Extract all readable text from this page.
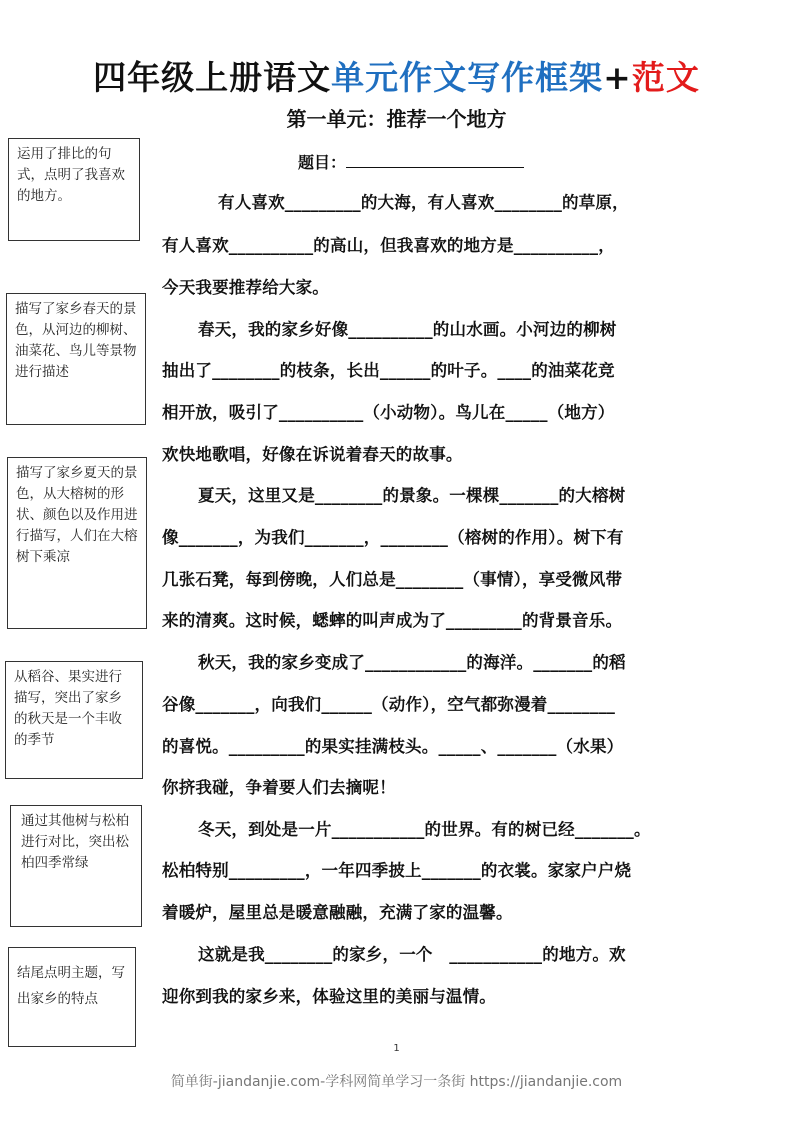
四年级上册语文单元作文写作框架+范文
第一单元：推荐一个地方
题目：
有人喜欢_________的大海，有人喜欢________的草原，
有人喜欢__________的高山，但我喜欢的地方是__________，
今天我要推荐给大家。
春天，我的家乡好像__________的山水画。小河边的柳树
抽出了________的枝条，长出______的叶子。____的油菜花竞
相开放，吸引了__________（小动物）。鸟儿在_____（地方）
欢快地歌唱，好像在诉说着春天的故事。
夏天，这里又是________的景象。一棵棵_______的大榕树
像_______，为我们_______，________（榕树的作用）。树下有
几张石凳，每到傍晚，人们总是________（事情），享受微风带
来的清爽。这时候，蟋蟀的叫声成为了_________的背景音乐。
秋天，我的家乡变成了____________的海洋。_______的稻
谷像_______，向我们______（动作），空气都弥漫着________
的喜悦。_________的果实挂满枝头。_____、_______（水果）
你挤我碰，争着要人们去摘呢！
冬天，到处是一片___________的世界。有的树已经_______。
松柏特别_________，一年四季披上_______的衣裳。家家户户烧
着暖炉，屋里总是暖意融融，充满了家的温馨。
这就是我________的家乡，一个　___________的地方。欢
迎你到我的家乡来，体验这里的美丽与温情。
运用了排比的句式，点明了我喜欢的地方。
描写了家乡春天的景色，从河边的柳树、油菜花、鸟儿等景物进行描述
描写了家乡夏天的景色，从大榕树的形状、颜色以及作用进行描写，人们在大榕树下乘凉
从稻谷、果实进行描写，突出了家乡的秋天是一个丰收的季节
通过其他树与松柏进行对比，突出松柏四季常绿
结尾点明主题，写出家乡的特点
1
简单街-jiandanjie.com-学科网简单学习一条街 https://jiandanjie.com
